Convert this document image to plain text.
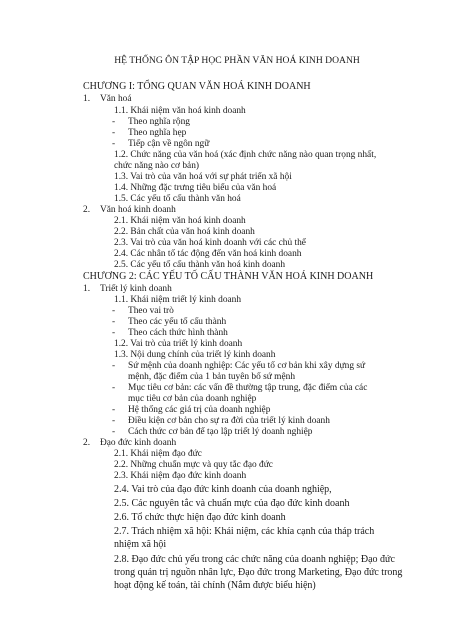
HỆ THỐNG ÔN TẬP HỌC PHẦN VĂN HOÁ KINH DOANH
CHƯƠNG I: TỔNG QUAN VĂN HOÁ KINH DOANH
1. Văn hoá
1.1. Khái niệm văn hoá kinh doanh
- Theo nghĩa rộng
- Theo nghĩa hẹp
- Tiếp cận về ngôn ngữ
1.2. Chức năng của văn hoá (xác định chức năng nào quan trọng nhất, chức năng nào cơ bản)
1.3. Vai trò của văn hoá với sự phát triển xã hội
1.4. Những đặc trưng tiêu biểu của văn hoá
1.5. Các yếu tố cấu thành văn hoá
2. Văn hoá kinh doanh
2.1. Khái niệm văn hoá kinh doanh
2.2. Bản chất của văn hoá kinh doanh
2.3. Vai trò của văn hoá kinh doanh với các chủ thể
2.4. Các nhân tố tác động đến văn hoá kinh doanh
2.5. Các yếu tố cấu thành văn hoá kinh doanh
CHƯƠNG 2: CÁC YẾU TỐ CẤU THÀNH VĂN HOÁ KINH DOANH
1. Triết lý kinh doanh
1.1. Khái niệm triết lý kinh doanh
- Theo vai trò
- Theo các yếu tố cấu thành
- Theo cách thức hình thành
1.2. Vai trò của triết lý kinh doanh
1.3. Nội dung chính của triết lý kinh doanh
- Sứ mệnh của doanh nghiệp: Các yếu tố cơ bản khi xây dựng sứ mệnh, đặc điểm của 1 bản tuyên bố sứ mệnh
- Mục tiêu cơ bản: các vấn đề thường tập trung, đặc điểm của các mục tiêu cơ bản của doanh nghiệp
- Hệ thống các giá trị của doanh nghiệp
- Điều kiện cơ bản cho sự ra đời của triết lý kinh doanh
- Cách thức cơ bản để tạo lập triết lý doanh nghiệp
2. Đạo đức kinh doanh
2.1. Khái niệm đạo đức
2.2. Những chuẩn mực và quy tắc đạo đức
2.3. Khái niệm đạo đức kinh doanh
2.4. Vai trò của đạo đức kinh doanh của doanh nghiệp,
2.5. Các nguyên tắc và chuẩn mực của đạo đức kinh doanh
2.6. Tổ chức thực hiện đạo đức kinh doanh
2.7. Trách nhiệm xã hội: Khái niệm, các khía cạnh của tháp trách nhiệm xã hội
2.8. Đạo đức chủ yếu trong các chức năng của doanh nghiệp; Đạo đức trong quản trị nguồn nhân lực, Đạo đức trong Marketing, Đạo đức trong hoạt động kế toán, tài chính (Nắm được biểu hiện)
